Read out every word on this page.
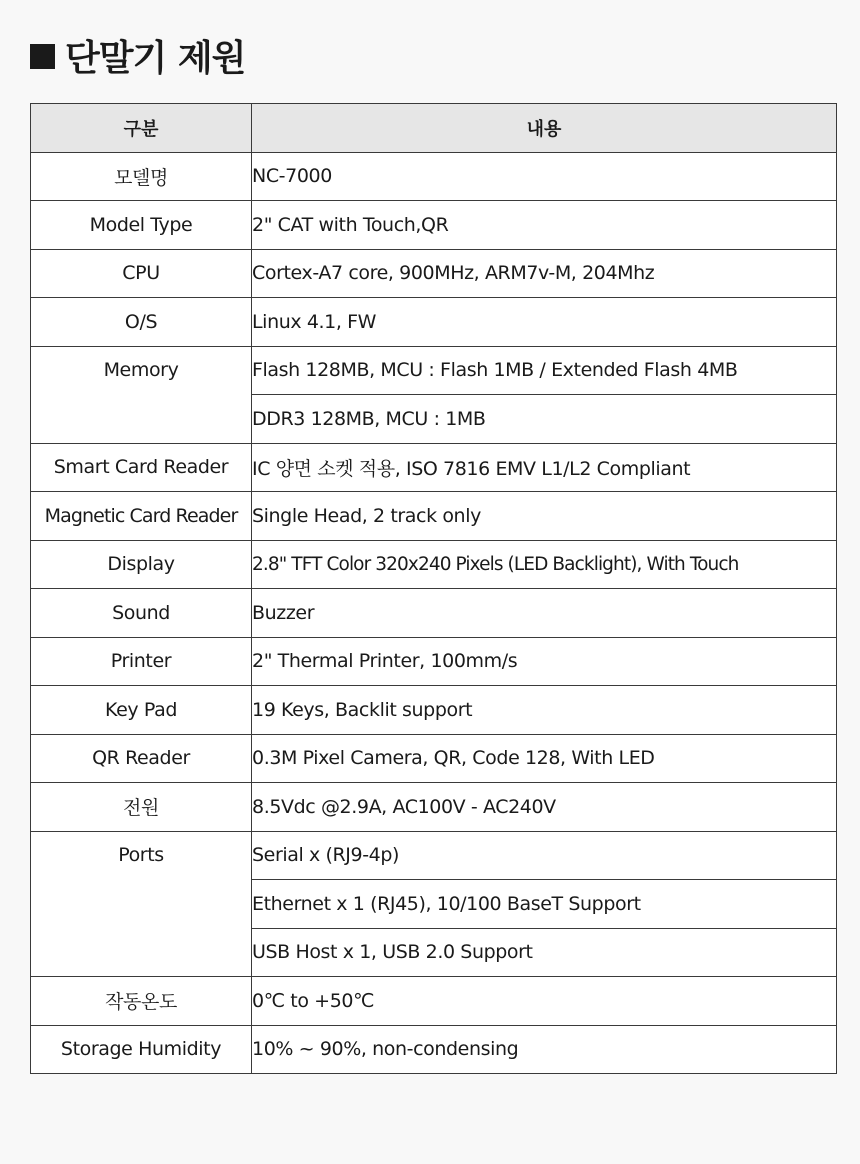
단말기 제원
구분	내용
모델명	NC-7000
Model Type	2" CAT with Touch,QR
CPU	Cortex-A7 core, 900MHz, ARM7v-M, 204Mhz
O/S	Linux 4.1, FW
Memory	Flash 128MB, MCU : Flash 1MB / Extended Flash 4MB
	DDR3 128MB, MCU : 1MB
Smart Card Reader	IC 양면 소켓 적용, ISO 7816 EMV L1/L2 Compliant
Magnetic Card Reader	Single Head, 2 track only
Display	2.8" TFT Color 320x240 Pixels (LED Backlight), With Touch
Sound	Buzzer
Printer	2" Thermal Printer, 100mm/s
Key Pad	19 Keys, Backlit support
QR Reader	0.3M Pixel Camera, QR, Code 128, With LED
전원	8.5Vdc @2.9A, AC100V - AC240V
Ports	Serial x (RJ9-4p)
	Ethernet x 1 (RJ45), 10/100 BaseT Support
	USB Host x 1, USB 2.0 Support
작동온도	0℃ to +50℃
Storage Humidity	10% ~ 90%, non-condensing
